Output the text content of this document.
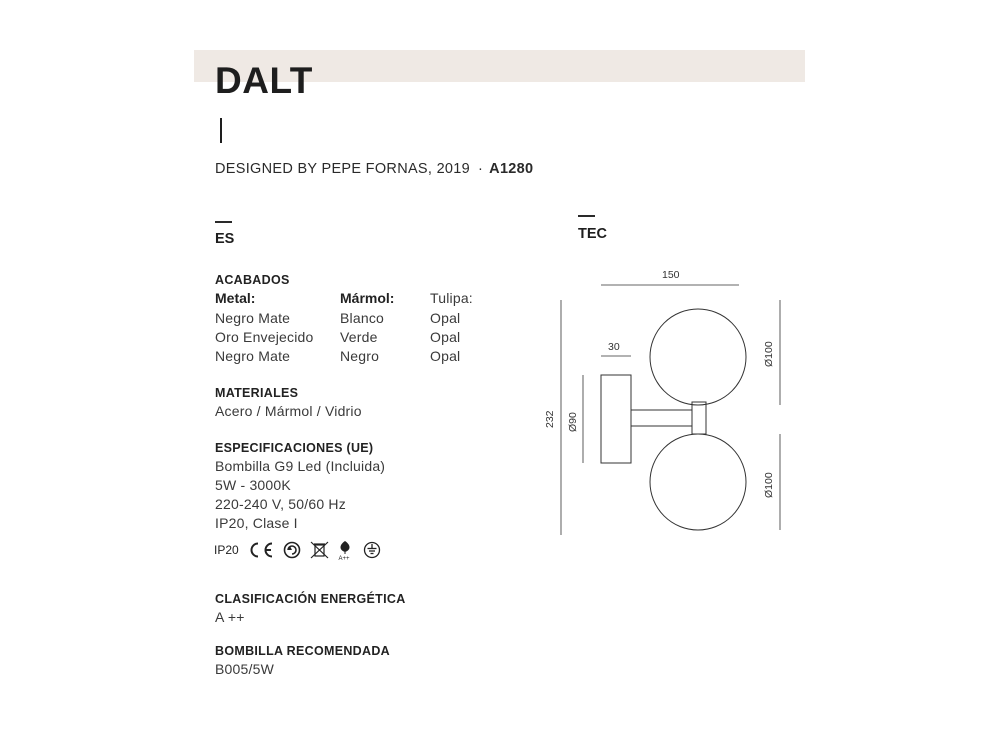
DALT
DESIGNED BY PEPE FORNAS, 2019 · A1280
ES
ACABADOS
Metal:
Negro Mate
Oro Envejecido
Negro Mate
Mármol:
Blanco
Verde
Negro
Tulipa:
Opal
Opal
Opal
MATERIALES
Acero / Mármol / Vidrio
ESPECIFICACIONES (UE)
Bombilla G9 Led (Incluida)
5W - 3000K
220-240 V, 50/60 Hz
IP20, Clase I
IP20
A++
CLASIFICACIÓN ENERGÉTICA
A ++
BOMBILLA RECOMENDADA
B005/5W
TEC
150
30
232 Ø90
Ø100
Ø100
